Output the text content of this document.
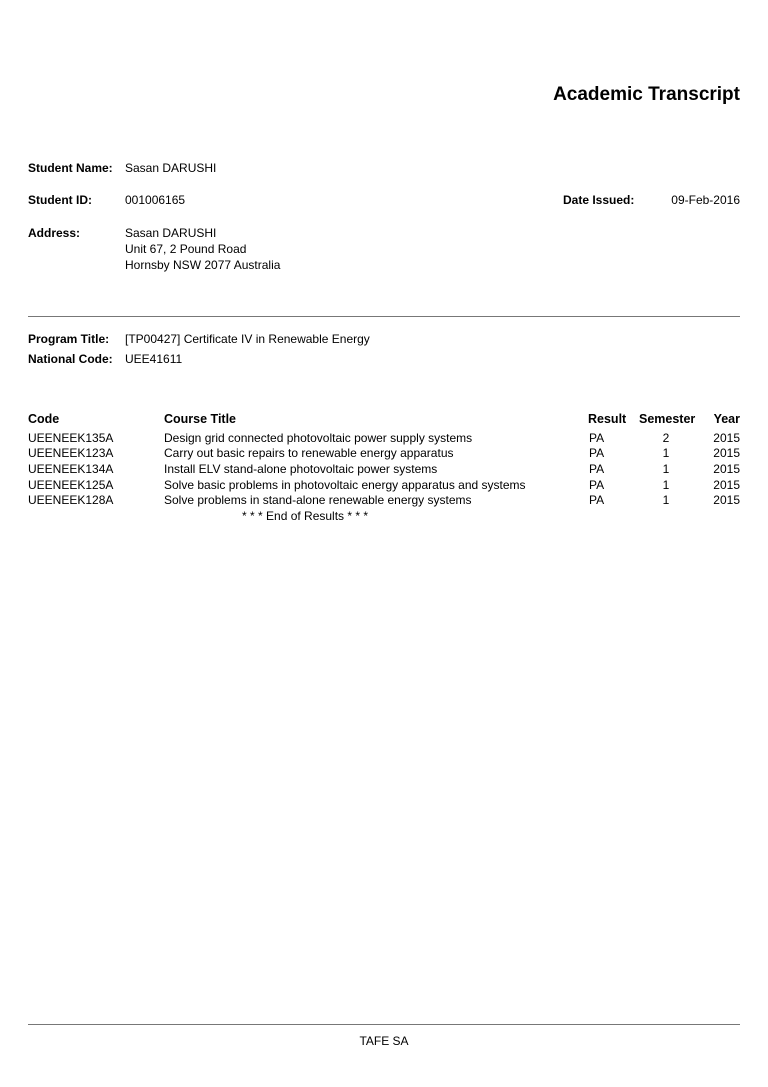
Academic Transcript
Student Name: Sasan DARUSHI
Student ID:	001006165	Date Issued:	09-Feb-2016
Address:	Sasan DARUSHI
Unit 67, 2 Pound Road
Hornsby NSW 2077 Australia
Program Title: [TP00427] Certificate IV in Renewable Energy
National Code: UEE41611
Code	Course Title	Result Semester Year
UEENEEK135A	Design grid connected photovoltaic power supply systems	PA	2	2015
UEENEEK123A	Carry out basic repairs to renewable energy apparatus	PA	1	2015
UEENEEK134A	Install ELV stand-alone photovoltaic power systems	PA	1	2015
UEENEEK125A	Solve basic problems in photovoltaic energy apparatus and systems	PA	1	2015
UEENEEK128A	Solve problems in stand-alone renewable energy systems	PA	1	2015
* * * End of Results * * *
TAFE SA
